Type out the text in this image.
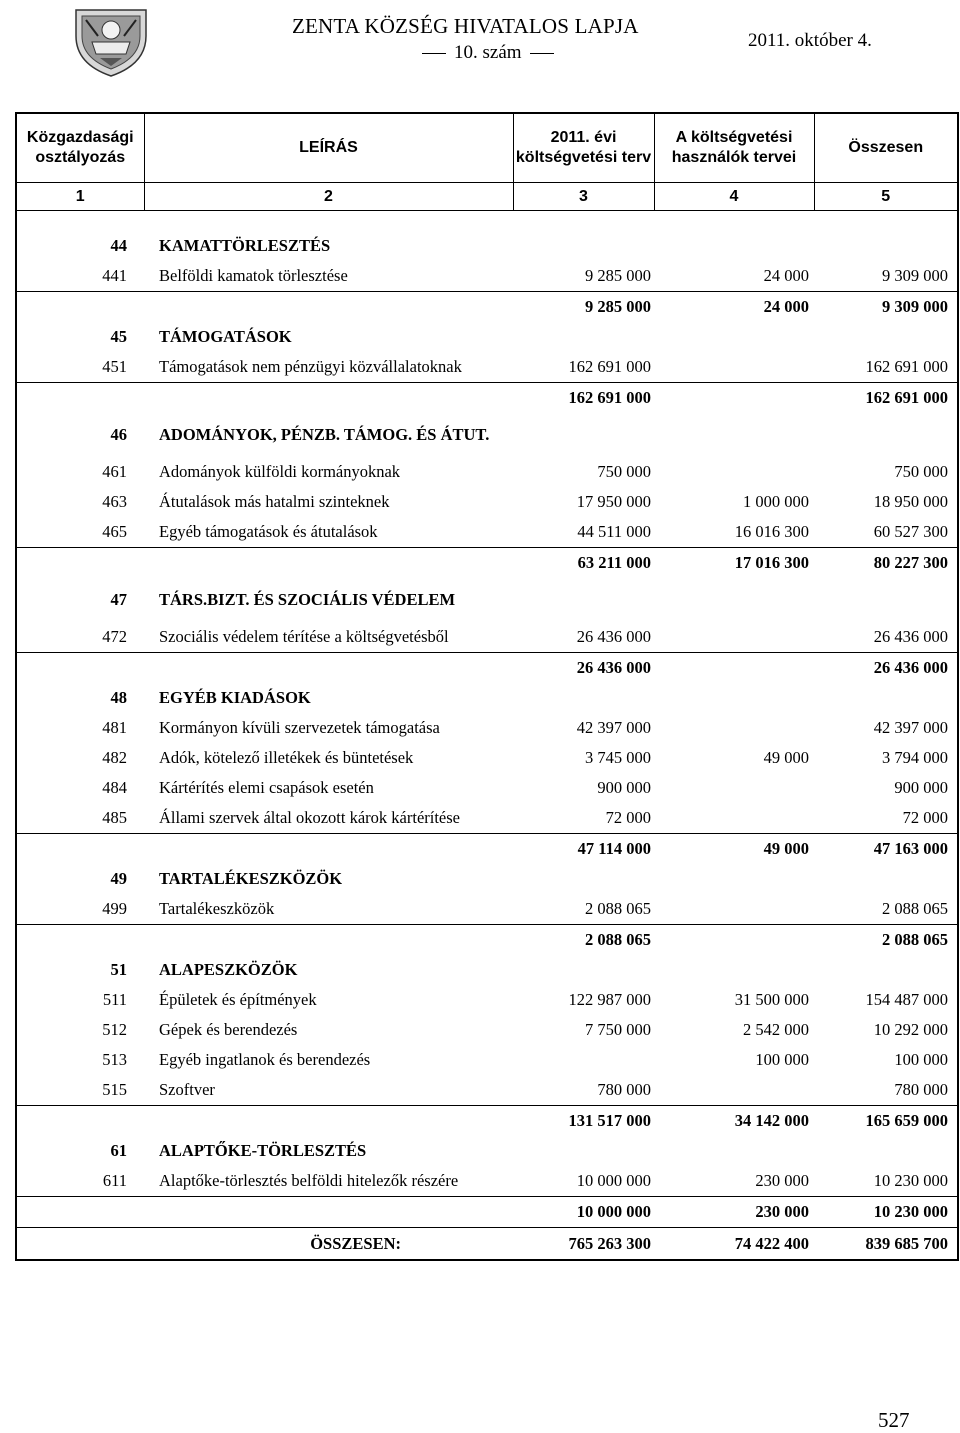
ZENTA KÖZSÉG HIVATALOS LAPJA
10. szám
2011. október 4.
Közgazdasági osztályozás	LEÍRÁS	2011. évi költségvetési terv	A költségvetési használók tervei	Összesen
1	2	3	4	5

44	KAMATTÖRLESZTÉS			
441	Belföldi kamatok törlesztése	9 285 000	24 000	9 309 000
		9 285 000	24 000	9 309 000
45	TÁMOGATÁSOK			
451	Támogatások nem pénzügyi közvállalatoknak	162 691 000		162 691 000
		162 691 000		162 691 000
46	ADOMÁNYOK, PÉNZB. TÁMOG. ÉS ÁTUT.			
461	Adományok külföldi kormányoknak	750 000		750 000
463	Átutalások más hatalmi szinteknek	17 950 000	1 000 000	18 950 000
465	Egyéb támogatások és átutalások	44 511 000	16 016 300	60 527 300
		63 211 000	17 016 300	80 227 300
47	TÁRS.BIZT. ÉS SZOCIÁLIS VÉDELEM			
472	Szociális védelem térítése a költségvetésből	26 436 000		26 436 000
		26 436 000		26 436 000
48	EGYÉB KIADÁSOK			
481	Kormányon kívüli szervezetek támogatása	42 397 000		42 397 000
482	Adók, kötelező illetékek és büntetések	3 745 000	49 000	3 794 000
484	Kártérítés elemi csapások esetén	900 000		900 000
485	Állami szervek által okozott károk kártérítése	72 000		72 000
		47 114 000	49 000	47 163 000
49	TARTALÉKESZKÖZÖK			
499	Tartalékeszközök	2 088 065		2 088 065
		2 088 065		2 088 065
51	ALAPESZKÖZÖK			
511	Épületek és építmények	122 987 000	31 500 000	154 487 000
512	Gépek és berendezés	7 750 000	2 542 000	10 292 000
513	Egyéb ingatlanok és berendezés		100 000	100 000
515	Szoftver	780 000		780 000
		131 517 000	34 142 000	165 659 000
61	ALAPTŐKE-TÖRLESZTÉS			
611	Alaptőke-törlesztés belföldi hitelezők részére	10 000 000	230 000	10 230 000
		10 000 000	230 000	10 230 000
ÖSSZESEN:		765 263 300	74 422 400	839 685 700
527
